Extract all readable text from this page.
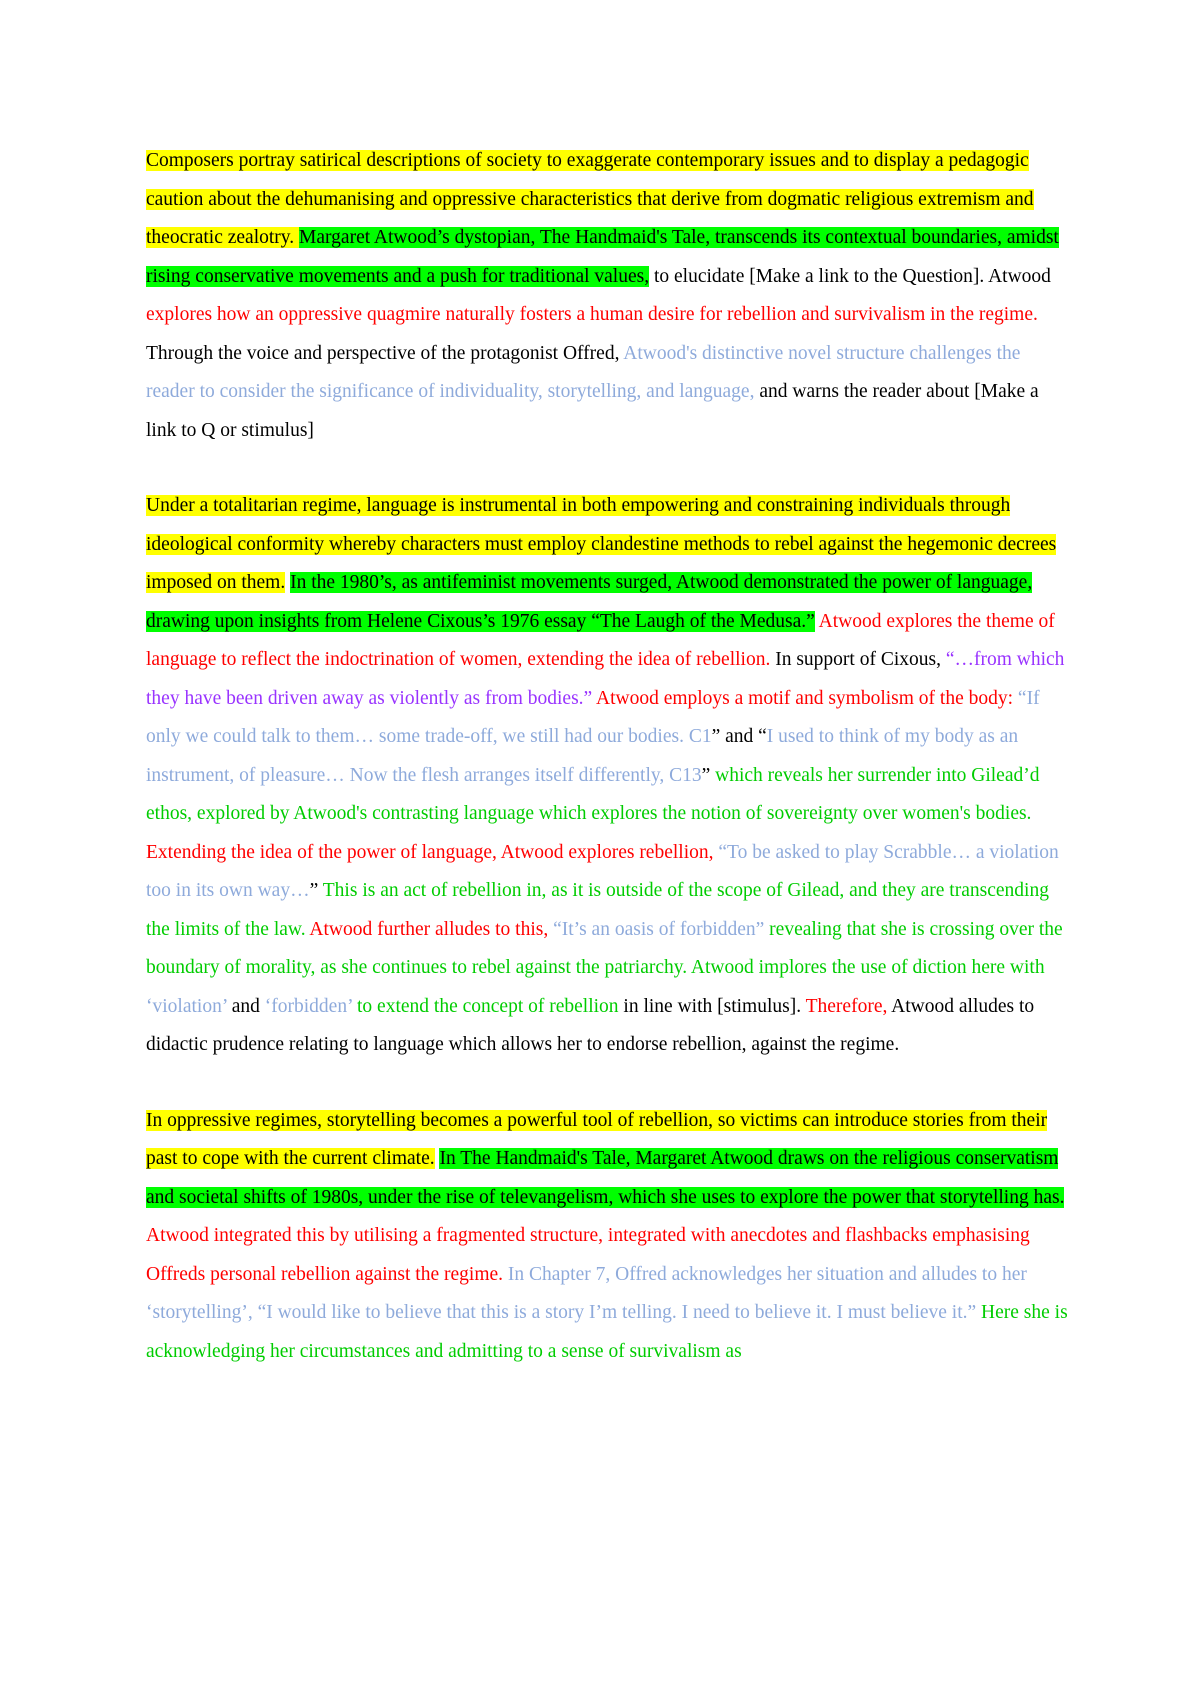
Composers portray satirical descriptions of society to exaggerate contemporary issues and to display a pedagogic caution about the dehumanising and oppressive characteristics that derive from dogmatic religious extremism and theocratic zealotry. Margaret Atwood’s dystopian, The Handmaid's Tale, transcends its contextual boundaries, amidst rising conservative movements and a push for traditional values, to elucidate [Make a link to the Question]. Atwood explores how an oppressive quagmire naturally fosters a human desire for rebellion and survivalism in the regime. Through the voice and perspective of the protagonist Offred, Atwood's distinctive novel structure challenges the reader to consider the significance of individuality, storytelling, and language, and warns the reader about [Make a link to Q or stimulus]

Under a totalitarian regime, language is instrumental in both empowering and constraining individuals through ideological conformity whereby characters must employ clandestine methods to rebel against the hegemonic decrees imposed on them. In the 1980’s, as antifeminist movements surged, Atwood demonstrated the power of language, drawing upon insights from Helene Cixous’s 1976 essay “The Laugh of the Medusa.” Atwood explores the theme of language to reflect the indoctrination of women, extending the idea of rebellion. In support of Cixous, “…from which they have been driven away as violently as from bodies.” Atwood employs a motif and symbolism of the body: “If only we could talk to them… some trade-off, we still had our bodies. C1” and “I used to think of my body as an instrument, of pleasure… Now the flesh arranges itself differently, C13” which reveals her surrender into Gilead’d ethos, explored by Atwood's contrasting language which explores the notion of sovereignty over women's bodies. Extending the idea of the power of language, Atwood explores rebellion, “To be asked to play Scrabble… a violation too in its own way…” This is an act of rebellion in, as it is outside of the scope of Gilead, and they are transcending the limits of the law. Atwood further alludes to this, “It’s an oasis of forbidden” revealing that she is crossing over the boundary of morality, as she continues to rebel against the patriarchy. Atwood implores the use of diction here with ‘violation’ and ‘forbidden’ to extend the concept of rebellion in line with [stimulus]. Therefore, Atwood alludes to didactic prudence relating to language which allows her to endorse rebellion, against the regime.

In oppressive regimes, storytelling becomes a powerful tool of rebellion, so victims can introduce stories from their past to cope with the current climate. In The Handmaid's Tale, Margaret Atwood draws on the religious conservatism and societal shifts of 1980s, under the rise of televangelism, which she uses to explore the power that storytelling has. Atwood integrated this by utilising a fragmented structure, integrated with anecdotes and flashbacks emphasising Offreds personal rebellion against the regime. In Chapter 7, Offred acknowledges her situation and alludes to her ‘storytelling’, “I would like to believe that this is a story I’m telling. I need to believe it. I must believe it.” Here she is acknowledging her circumstances and admitting to a sense of survivalism as
